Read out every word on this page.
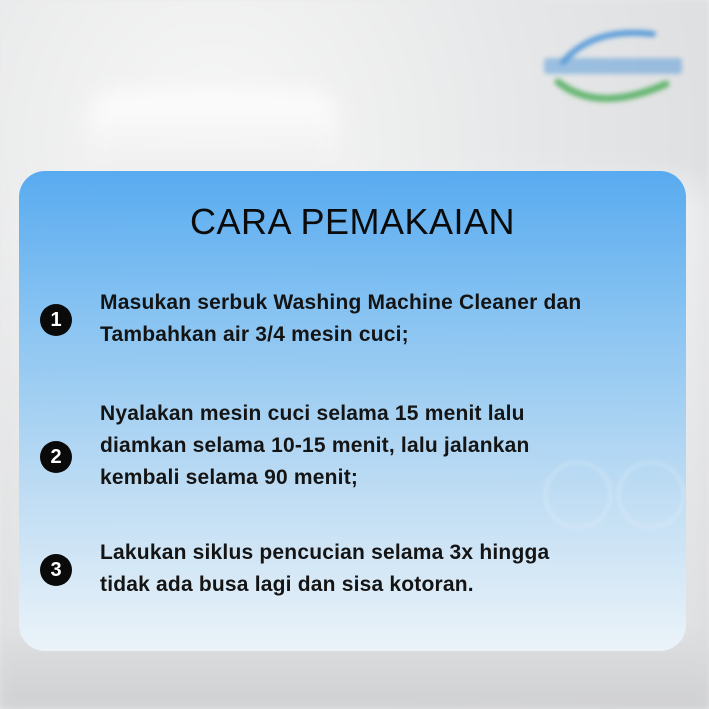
CARA PEMAKAIAN
1
Masukan serbuk Washing Machine Cleaner dan
Tambahkan air 3/4 mesin cuci;
2
Nyalakan mesin cuci selama 15 menit lalu
diamkan selama 10-15 menit, lalu jalankan
kembali selama 90 menit;
3
Lakukan siklus pencucian selama 3x hingga
tidak ada busa lagi dan sisa kotoran.
